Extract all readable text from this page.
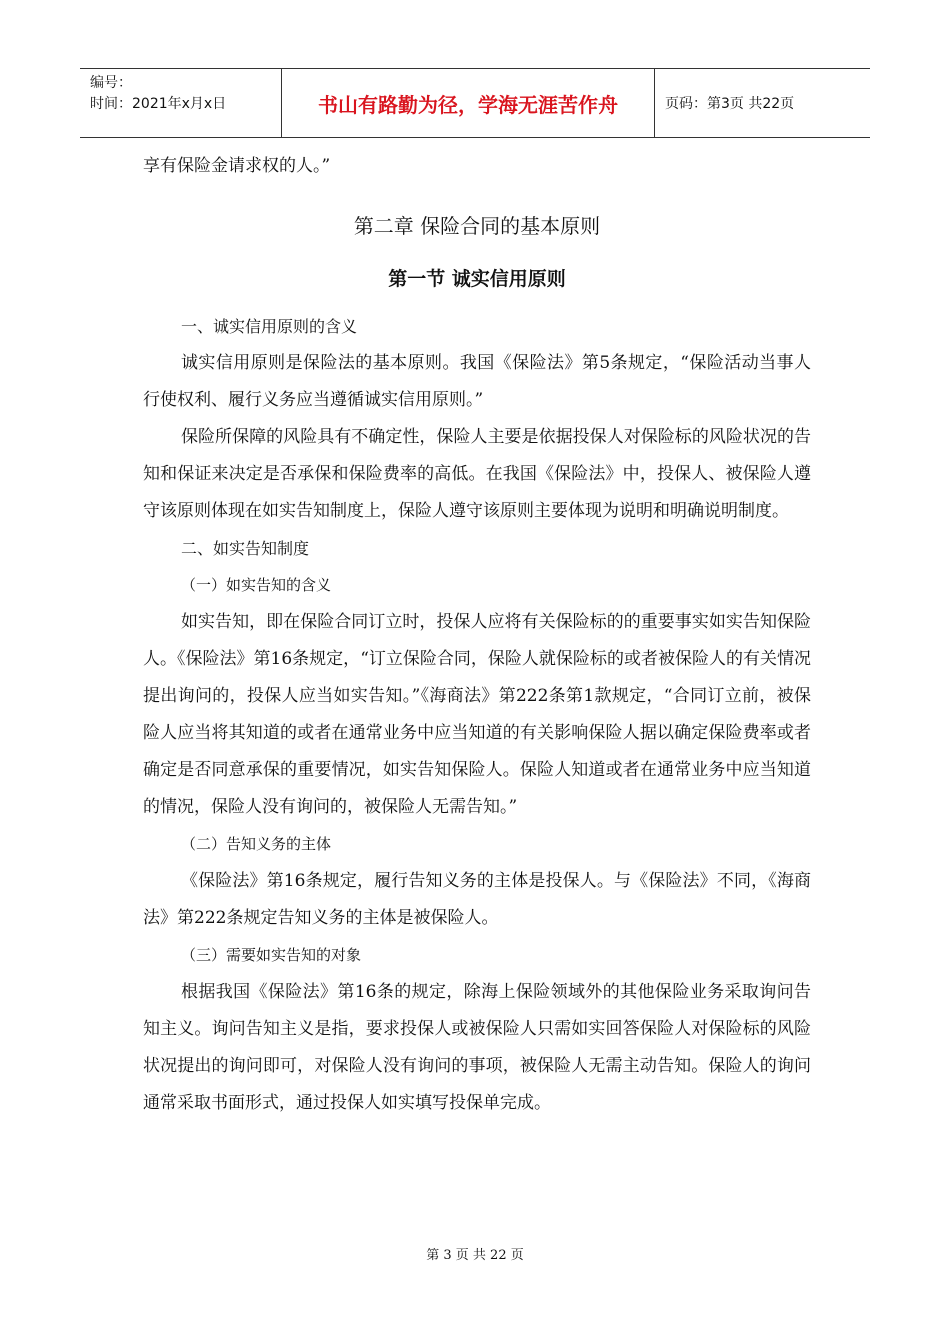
编号：
时间：2021年x月x日	书山有路勤为径，学海无涯苦作舟	页码：第3页 共22页

享有保险金请求权的人。”

第二章 保险合同的基本原则
第一节 诚实信用原则

一、诚实信用原则的含义

诚实信用原则是保险法的基本原则。我国《保险法》第5条规定，“保险活动当事人行使权利、履行义务应当遵循诚实信用原则。”

保险所保障的风险具有不确定性，保险人主要是依据投保人对保险标的风险状况的告知和保证来决定是否承保和保险费率的高低。在我国《保险法》中，投保人、被保险人遵守该原则体现在如实告知制度上，保险人遵守该原则主要体现为说明和明确说明制度。

二、如实告知制度

（一）如实告知的含义

如实告知，即在保险合同订立时，投保人应将有关保险标的的重要事实如实告知保险人。《保险法》第16条规定，“订立保险合同，保险人就保险标的或者被保险人的有关情况提出询问的，投保人应当如实告知。”《海商法》第222条第1款规定，“合同订立前，被保险人应当将其知道的或者在通常业务中应当知道的有关影响保险人据以确定保险费率或者确定是否同意承保的重要情况，如实告知保险人。保险人知道或者在通常业务中应当知道的情况，保险人没有询问的，被保险人无需告知。”

（二）告知义务的主体

《保险法》第16条规定，履行告知义务的主体是投保人。与《保险法》不同，《海商法》第222条规定告知义务的主体是被保险人。

（三）需要如实告知的对象

根据我国《保险法》第16条的规定，除海上保险领域外的其他保险业务采取询问告知主义。询问告知主义是指，要求投保人或被保险人只需如实回答保险人对保险标的风险状况提出的询问即可，对保险人没有询问的事项，被保险人无需主动告知。保险人的询问通常采取书面形式，通过投保人如实填写投保单完成。

第 3 页 共 22 页
